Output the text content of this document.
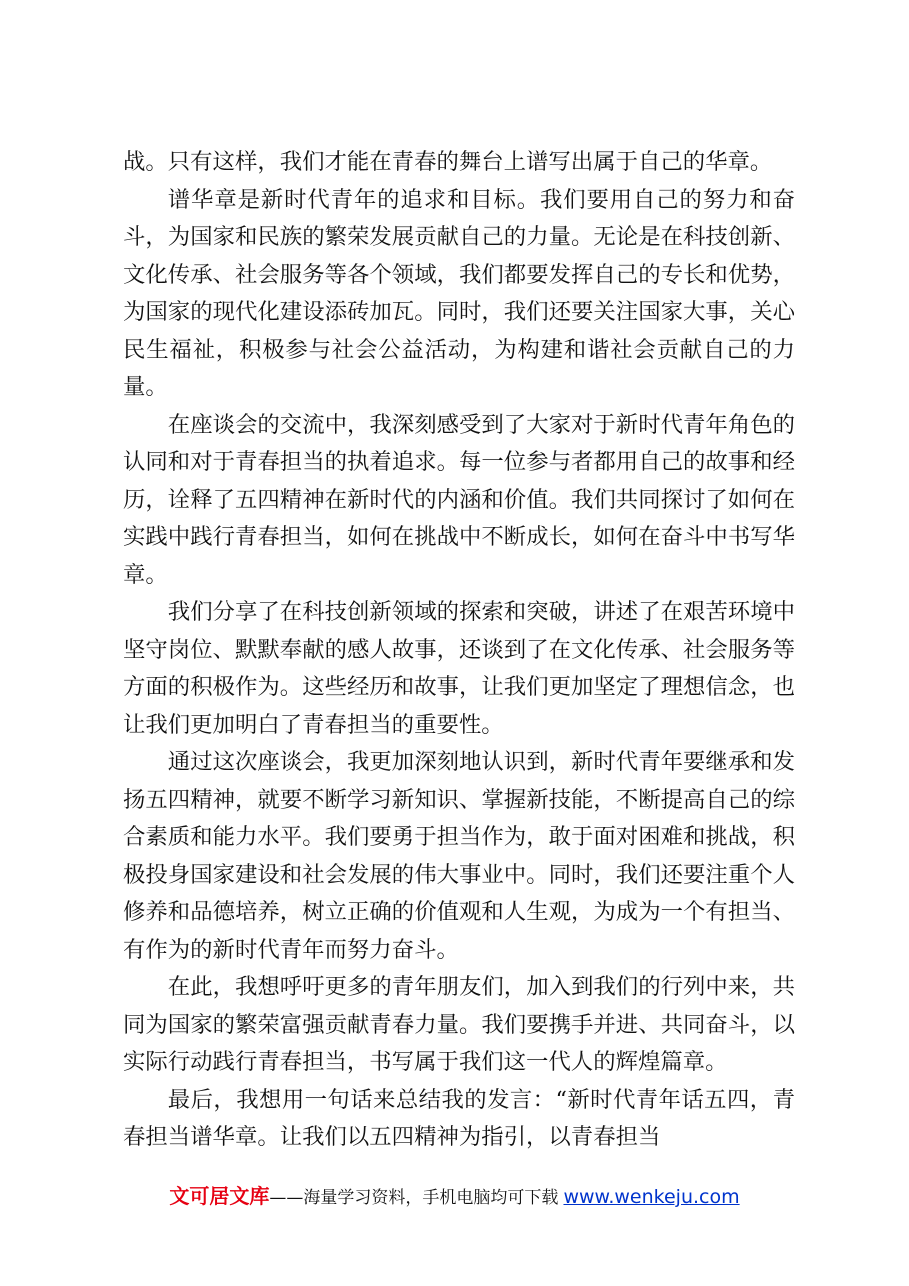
战。只有这样，我们才能在青春的舞台上谱写出属于自己的华章。

谱华章是新时代青年的追求和目标。我们要用自己的努力和奋斗，为国家和民族的繁荣发展贡献自己的力量。无论是在科技创新、文化传承、社会服务等各个领域，我们都要发挥自己的专长和优势，为国家的现代化建设添砖加瓦。同时，我们还要关注国家大事，关心民生福祉，积极参与社会公益活动，为构建和谐社会贡献自己的力量。

在座谈会的交流中，我深刻感受到了大家对于新时代青年角色的认同和对于青春担当的执着追求。每一位参与者都用自己的故事和经历，诠释了五四精神在新时代的内涵和价值。我们共同探讨了如何在实践中践行青春担当，如何在挑战中不断成长，如何在奋斗中书写华章。

我们分享了在科技创新领域的探索和突破，讲述了在艰苦环境中坚守岗位、默默奉献的感人故事，还谈到了在文化传承、社会服务等方面的积极作为。这些经历和故事，让我们更加坚定了理想信念，也让我们更加明白了青春担当的重要性。

通过这次座谈会，我更加深刻地认识到，新时代青年要继承和发扬五四精神，就要不断学习新知识、掌握新技能，不断提高自己的综合素质和能力水平。我们要勇于担当作为，敢于面对困难和挑战，积极投身国家建设和社会发展的伟大事业中。同时，我们还要注重个人修养和品德培养，树立正确的价值观和人生观，为成为一个有担当、有作为的新时代青年而努力奋斗。

在此，我想呼吁更多的青年朋友们，加入到我们的行列中来，共同为国家的繁荣富强贡献青春力量。我们要携手并进、共同奋斗，以实际行动践行青春担当，书写属于我们这一代人的辉煌篇章。

最后，我想用一句话来总结我的发言：“新时代青年话五四，青春担当谱华章。让我们以五四精神为指引，以青春担当

文可居文库——海量学习资料，手机电脑均可下载 www.wenkeju.com
